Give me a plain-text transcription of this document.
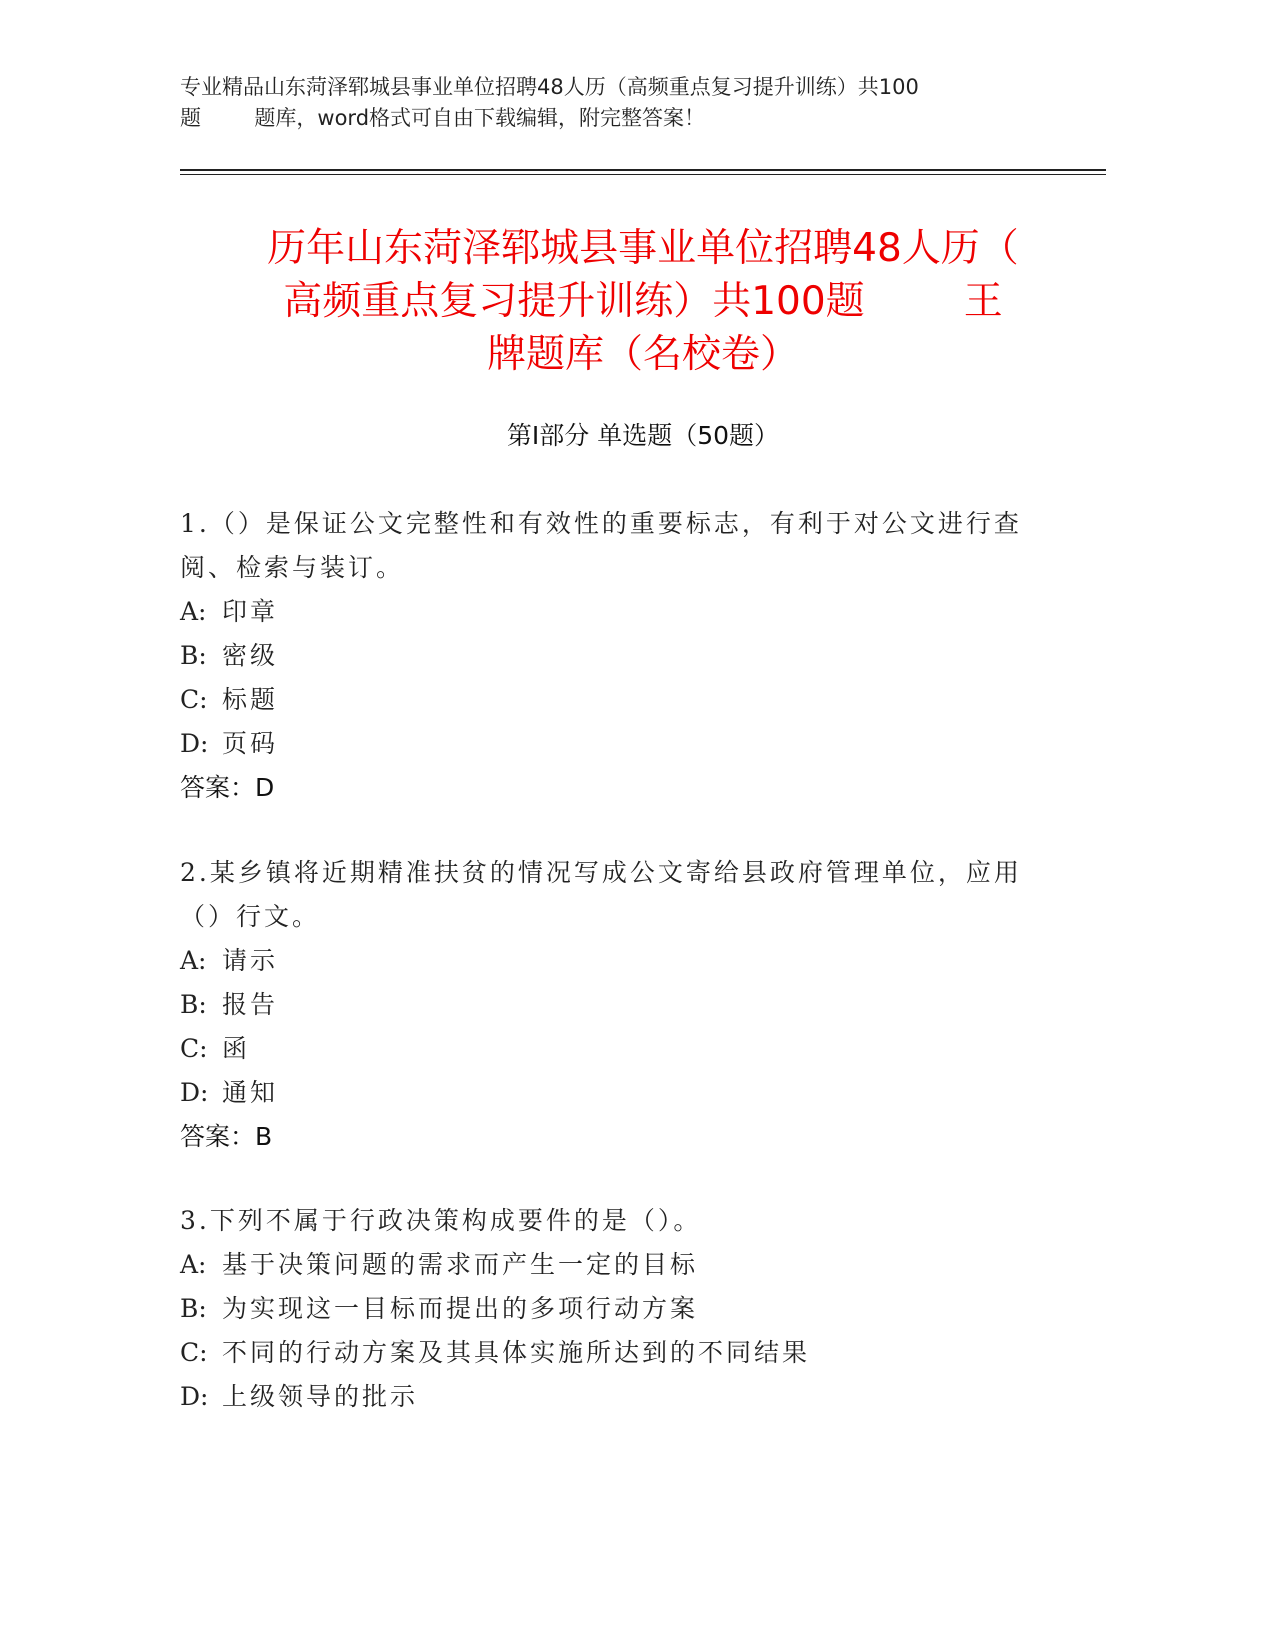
专业精品山东菏泽郓城县事业单位招聘48人历（高频重点复习提升训练）共100
题        题库，word格式可自由下载编辑，附完整答案！
历年山东菏泽郓城县事业单位招聘48人历（
高频重点复习提升训练）共100题        王
牌题库（名校卷）
第I部分 单选题（50题）
1.（）是保证公文完整性和有效性的重要标志，有利于对公文进行查
阅、检索与装订。
A: 印章
B: 密级
C: 标题
D: 页码
答案：D
2.某乡镇将近期精准扶贫的情况写成公文寄给县政府管理单位，应用
（）行文。
A: 请示
B: 报告
C: 函
D: 通知
答案：B
3.下列不属于行政决策构成要件的是（）。
A: 基于决策问题的需求而产生一定的目标
B: 为实现这一目标而提出的多项行动方案
C: 不同的行动方案及其具体实施所达到的不同结果
D: 上级领导的批示
